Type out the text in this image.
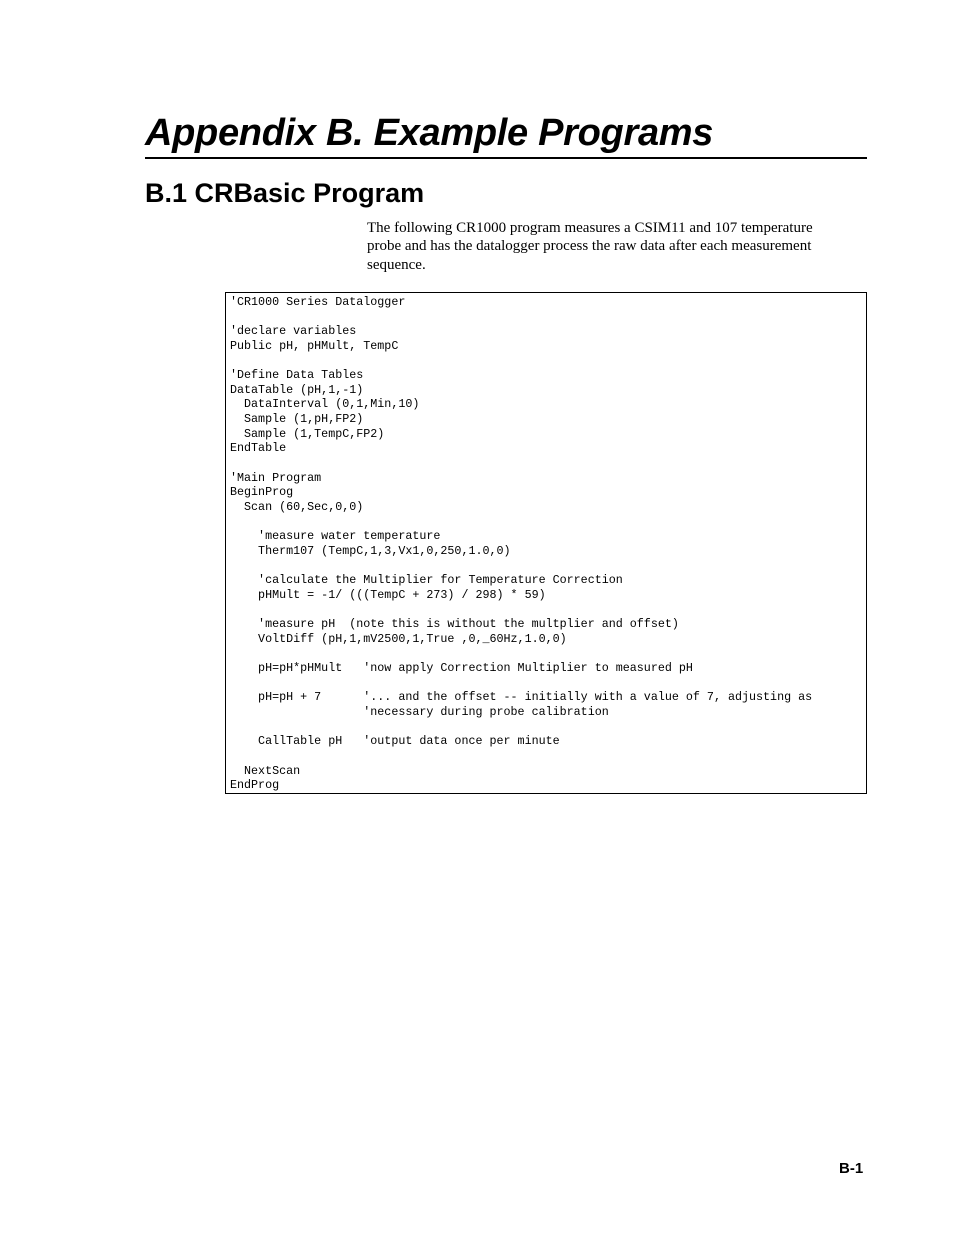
Appendix B. Example Programs
B.1 CRBasic Program

The following CR1000 program measures a CSIM11 and 107 temperature probe and has the datalogger process the raw data after each measurement sequence.

'CR1000 Series Datalogger
'declare variables
Public pH, pHMult, TempC
'Define Data Tables
DataTable (pH,1,-1)
DataInterval (0,1,Min,10)
Sample (1,pH,FP2)
Sample (1,TempC,FP2)
EndTable
'Main Program
BeginProg
Scan (60,Sec,0,0)
'measure water temperature
Therm107 (TempC,1,3,Vx1,0,250,1.0,0)
'calculate the Multiplier for Temperature Correction
pHMult = -1/ (((TempC + 273) / 298) * 59)
'measure pH  (note this is without the multplier and offset)
VoltDiff (pH,1,mV2500,1,True ,0,_60Hz,1.0,0)
pH=pH*pHMult   'now apply Correction Multiplier to measured pH
pH=pH + 7      '... and the offset -- initially with a value of 7, adjusting as
'necessary during probe calibration
CallTable pH   'output data once per minute
NextScan
EndProg
B-1
